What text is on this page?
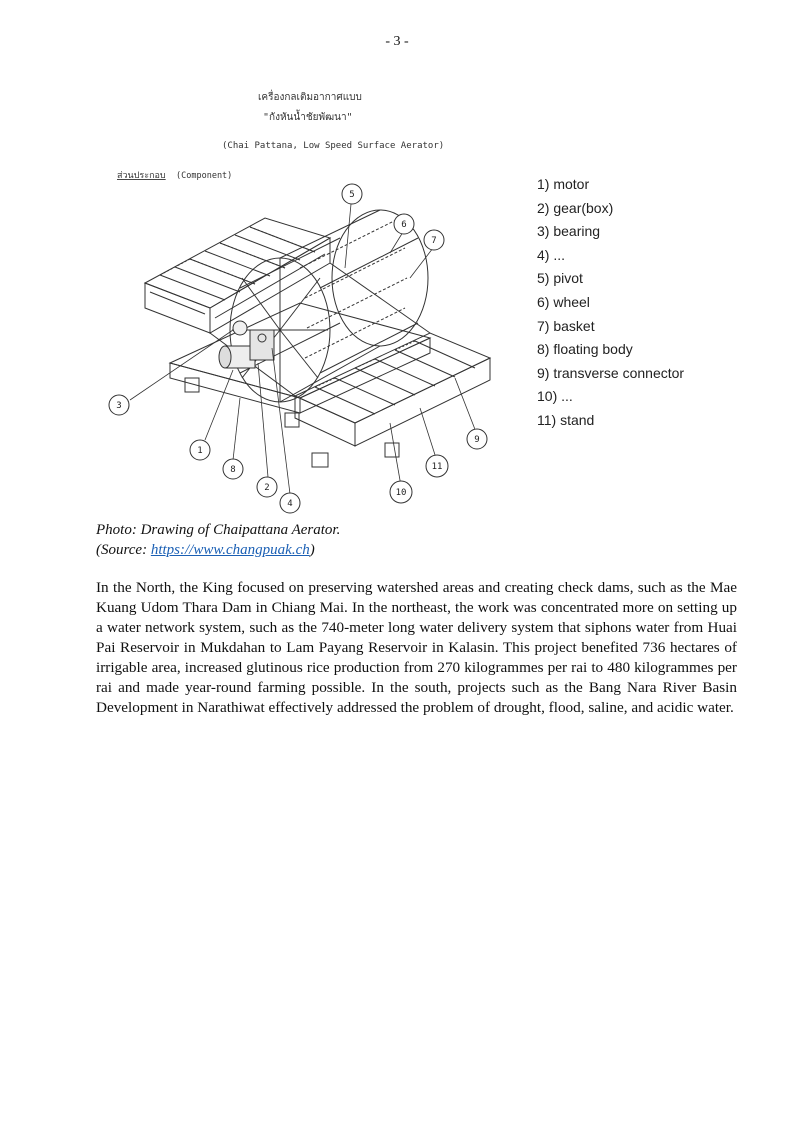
- 3 -
เครื่องกลเติมอากาศแบบ
"กังหันน้ำชัยพัฒนา"
(Chai Pattana, Low Speed Surface Aerator)
ส่วนประกอบ (Component)
1
2
3
4
5
6
7
8
9
10
11
1) motor
2) gear(box)
3) bearing
4) ...
5) pivot
6) wheel
7) basket
8) floating body
9) transverse connector
10) ...
11) stand
Photo: Drawing of Chaipattana Aerator.
(Source: https://www.changpuak.ch)

In the North, the King focused on preserving watershed areas and creating check dams, such as the Mae Kuang Udom Thara Dam in Chiang Mai. In the northeast, the work was concentrated more on setting up a water network system, such as the 740-meter long water delivery system that siphons water from Huai Pai Reservoir in Mukdahan to Lam Payang Reservoir in Kalasin. This project benefited 736 hectares of irrigable area, increased glutinous rice production from 270 kilogrammes per rai to 480 kilogrammes per rai and made year-round farming possible. In the south, projects such as the Bang Nara River Basin Development in Narathiwat effectively addressed the problem of drought, flood, saline, and acidic water.
